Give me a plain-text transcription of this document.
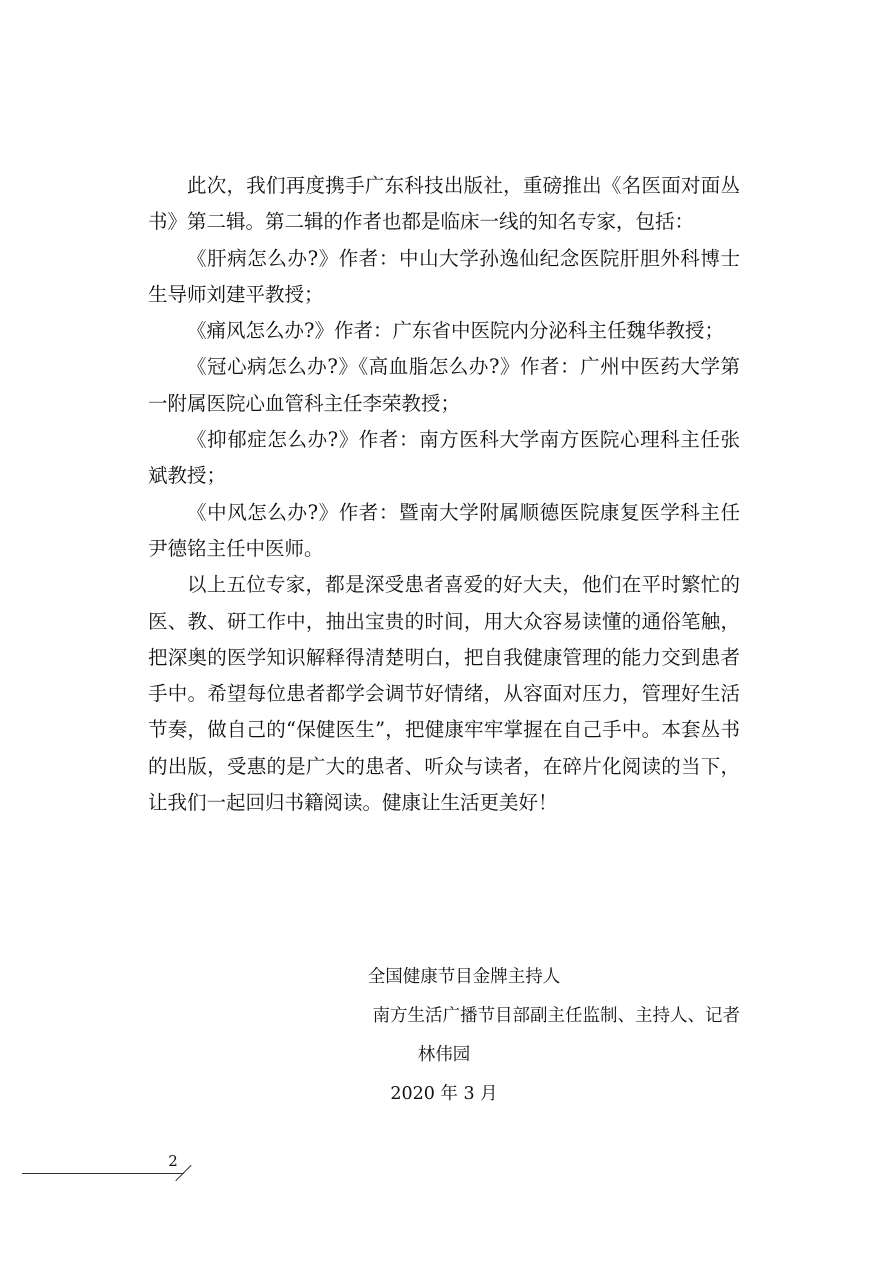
此次，我们再度携手广东科技出版社，重磅推出《名医面对面丛书》第二辑。第二辑的作者也都是临床一线的知名专家，包括：

《肝病怎么办?》作者：中山大学孙逸仙纪念医院肝胆外科博士生导师刘建平教授；

《痛风怎么办?》作者：广东省中医院内分泌科主任魏华教授；

《冠心病怎么办?》《高血脂怎么办?》作者：广州中医药大学第一附属医院心血管科主任李荣教授；

《抑郁症怎么办?》作者：南方医科大学南方医院心理科主任张斌教授；

《中风怎么办?》作者：暨南大学附属顺德医院康复医学科主任尹德铭主任中医师。

以上五位专家，都是深受患者喜爱的好大夫，他们在平时繁忙的医、教、研工作中，抽出宝贵的时间，用大众容易读懂的通俗笔触，把深奥的医学知识解释得清楚明白，把自我健康管理的能力交到患者手中。希望每位患者都学会调节好情绪，从容面对压力，管理好生活节奏，做自己的“保健医生”，把健康牢牢掌握在自己手中。本套丛书的出版，受惠的是广大的患者、听众与读者，在碎片化阅读的当下，让我们一起回归书籍阅读。健康让生活更美好！

全国健康节目金牌主持人
南方生活广播节目部副主任监制、主持人、记者
林伟园
2020 年 3 月
2
